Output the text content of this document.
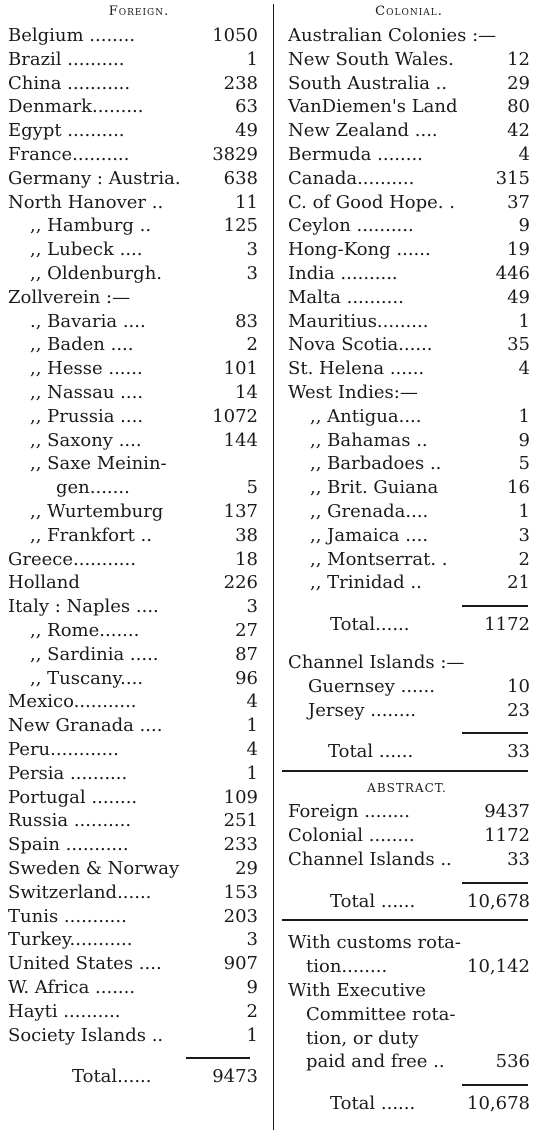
Foreign.	Colonial.
Belgium ........	1050
Brazil ..........	1
China ...........	238
Denmark.........	63
Egypt ..........	49
France..........	3829
Germany : Austria. 638
North Hanover ..	11
,, Hamburg ..	125
,, Lubeck ....	3
,, Oldenburgh.	3
Zollverein :—
., Bavaria ....	83
,, Baden ....	2
,, Hesse ......	101
,, Nassau ....	14
,, Prussia ....	1072
,, Saxony ....	144
,, Saxe Meinin-
gen.......	5
,, Wurtemburg	137
,, Frankfort ..	38
Greece...........	18
Holland	226
Italy : Naples ....	3
,, Rome.......	27
,, Sardinia .....	87
,, Tuscany....	96
Mexico...........	4
New Granada ....	1
Peru............	4
Persia ..........	1
Portugal ........	109
Russia ..........	251
Spain ...........	233
Sweden & Norway	29
Switzerland......	153
Tunis ...........	203
Turkey...........	3
United States ....	907
W. Africa .......	9
Hayti ..........	2
Society Islands ..	1
Total......	9473
Australian Colonies :—
New South Wales.	12
South Australia ..	29
VanDiemen's Land	80
New Zealand ....	42
Bermuda ........	4
Canada..........	315
C. of Good Hope. .	37
Ceylon ..........	9
Hong-Kong ......	19
India ..........	446
Malta ..........	49
Mauritius.........	1
Nova Scotia......	35
St. Helena ......	4
West Indies:—
,, Antigua....	1
,, Bahamas ..	9
,, Barbadoes ..	5
,, Brit. Guiana	16
,, Grenada....	1
,, Jamaica ....	3
,, Montserrat. .	2
,, Trinidad ..	21
Total......	1172
Channel Islands :—
Guernsey ......	10
Jersey ........	23
Total ......	33
ABSTRACT.
Foreign ........	9437
Colonial ........	1172
Channel Islands ..	33
Total ......	10,678
With customs rota-
tion........	10,142
With Executive
Committee rota-
tion, or duty
paid and free ..	536
Total ......	10,678
